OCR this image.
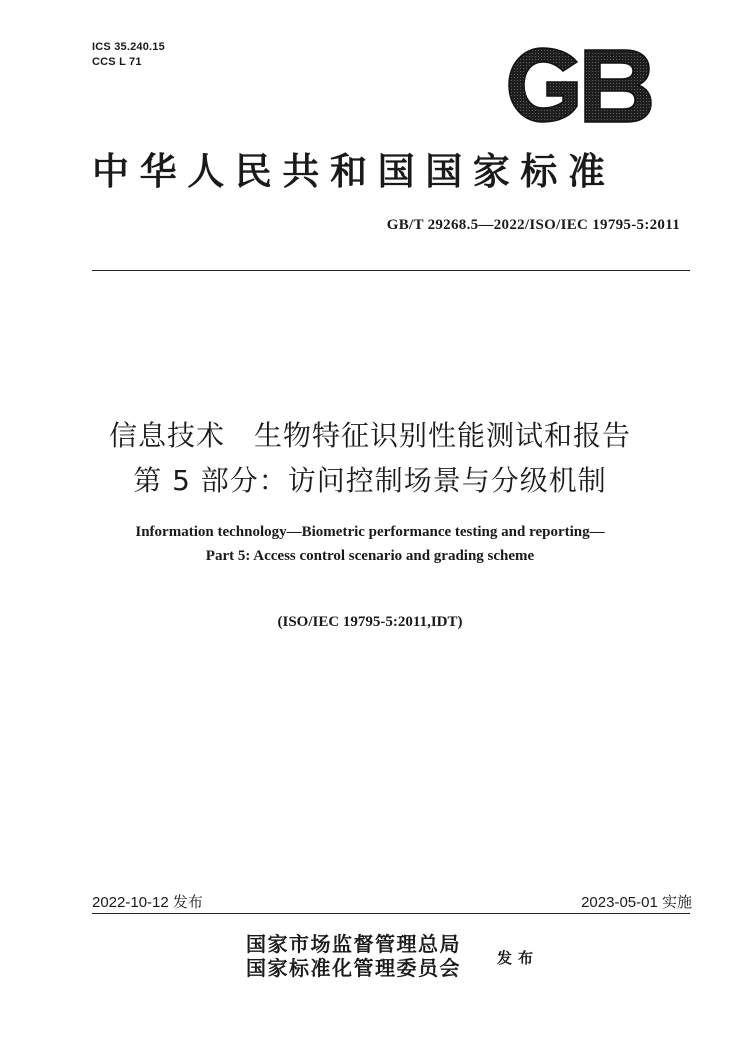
ICS 35.240.15
CCS L 71
中华人民共和国国家标准
GB/T 29268.5—2022/ISO/IEC 19795-5:2011
信息技术　生物特征识别性能测试和报告
第 5 部分：访问控制场景与分级机制
Information technology—Biometric performance testing and reporting—
Part 5: Access control scenario and grading scheme
(ISO/IEC 19795-5:2011,IDT)
2022-10-12 发布	2023-05-01 实施
国家市场监督管理总局
国家标准化管理委员会 发布
